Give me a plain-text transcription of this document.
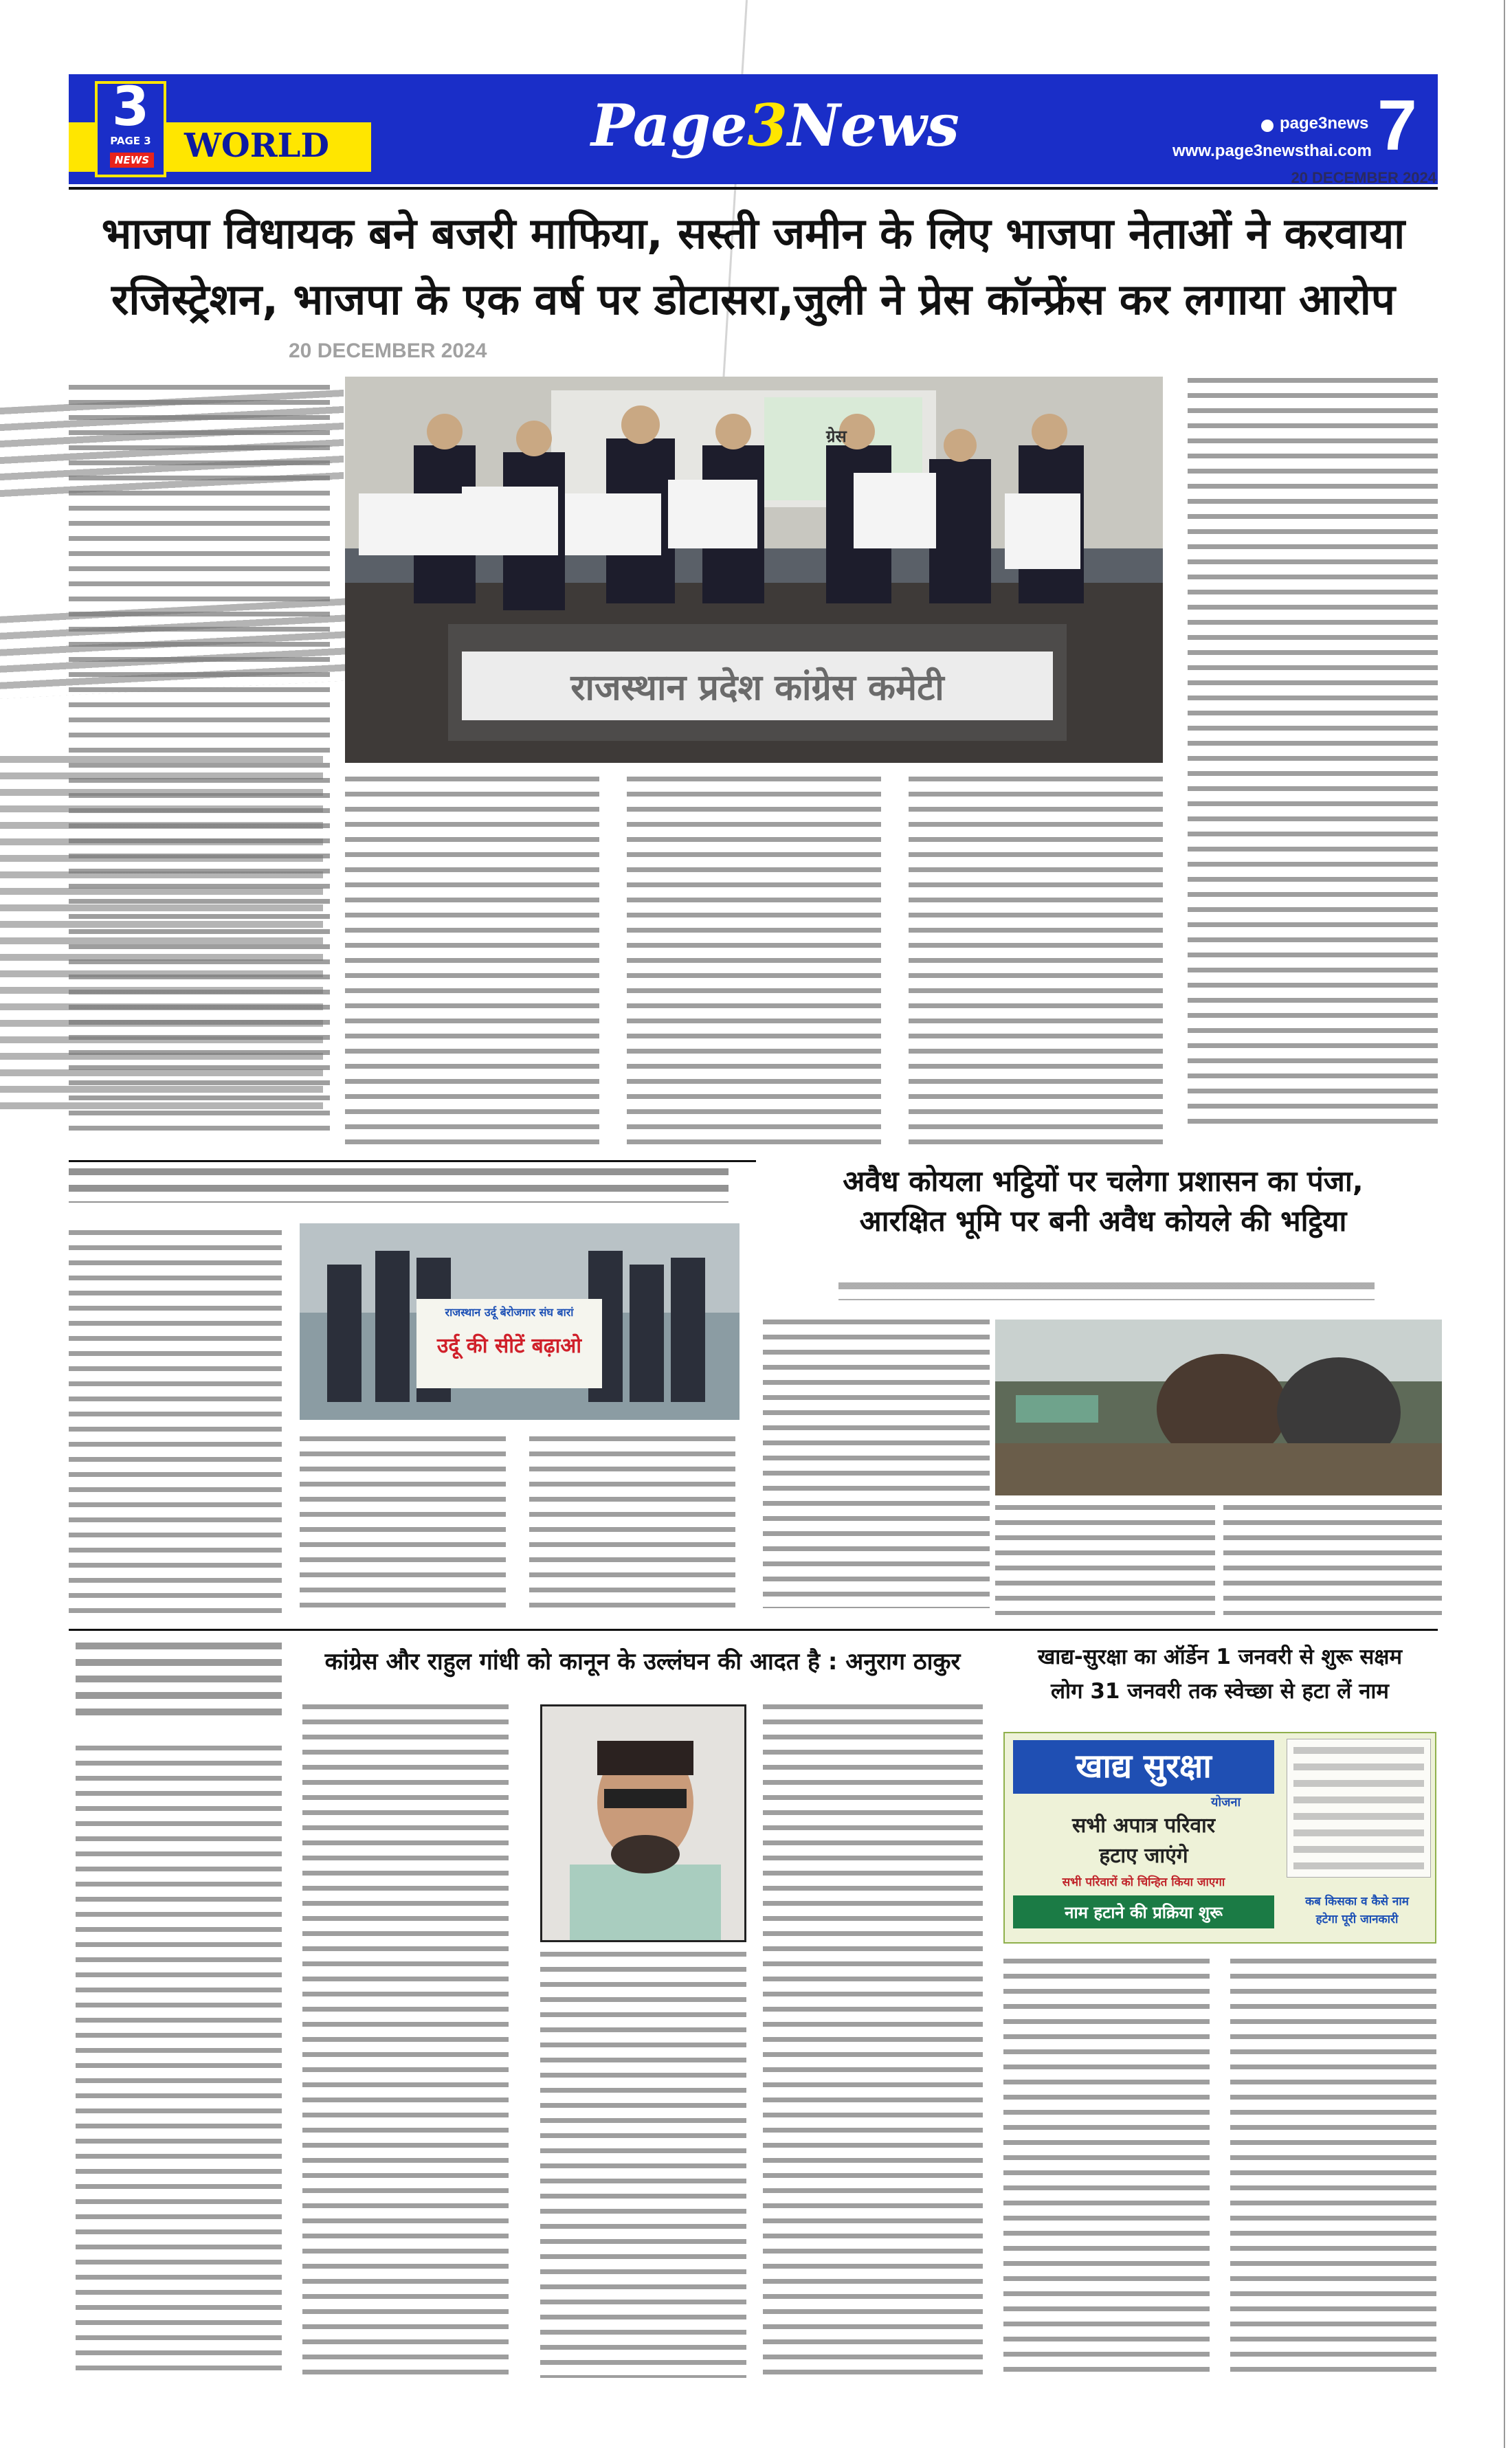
3
PAGE 3
NEWS WORLD	Page3News	page3news
www.page3newsthai.com 7
20 DECEMBER 2024
भाजपा विधायक बने बजरी माफिया, सस्ती जमीन के लिए भाजपा नेताओं ने करवाया
रजिस्ट्रेशन, भाजपा के एक वर्ष पर डोटासरा,जुली ने प्रेस कॉन्फ्रेंस कर लगाया आरोप
20 DECEMBER 2024
ग्रेस
राजस्थान प्रदेश कांग्रेस कमेटी
राजस्थान उर्दू बेरोजगार संघ बारां
उर्दू की सीटें बढ़ाओ
अवैध कोयला भट्ठियों पर चलेगा प्रशासन का पंजा,
आरक्षित भूमि पर बनी अवैध कोयले की भट्ठिया
कांग्रेस और राहुल गांधी को कानून के उल्लंघन की आदत है : अनुराग ठाकुर	खाद्य-सुरक्षा का ऑर्डेन 1 जनवरी से शुरू सक्षम
लोग 31 जनवरी तक स्वेच्छा से हटा लें नाम
खाद्य सुरक्षा
योजना
सभी अपात्र परिवार
हटाए जाएंगे
सभी परिवारों को चिन्हित किया जाएगा
नाम हटाने की प्रक्रिया शुरू
कब किसका व कैसे नाम
हटेगा पूरी जानकारी
